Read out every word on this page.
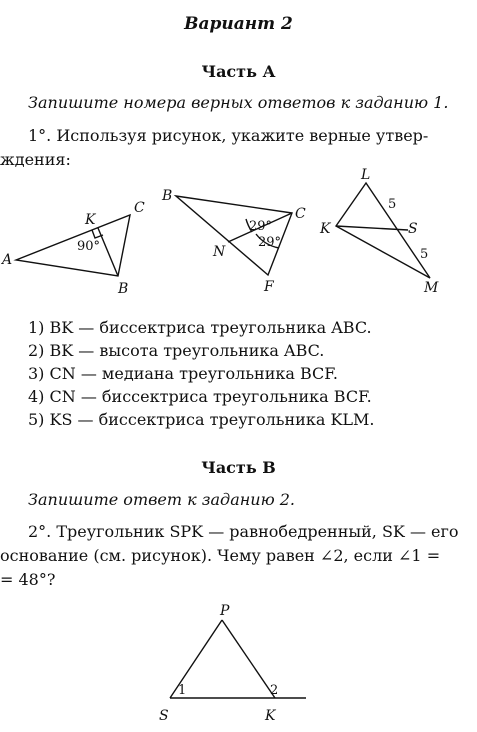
Вариант 2
Часть А
Запишите номера верных ответов к заданию 1.
1°. Используя рисунок, укажите верные утвер-
ждения:
A
K
C
B
90°
B
C
N
F
29°
29°
L
K	S
M
5
5
1) BK — биссектриса треугольника ABC.
2) BK — высота треугольника ABC.
3) CN — медиана треугольника BCF.
4) CN — биссектриса треугольника BCF.
5) KS — биссектриса треугольника KLM.
Часть В
Запишите ответ к заданию 2.
2°. Треугольник SPK — равнобедренный, SK — его
основание (см. рисунок). Чему равен ∠2, если ∠1 =
= 48°?
P
S	K
1	2
